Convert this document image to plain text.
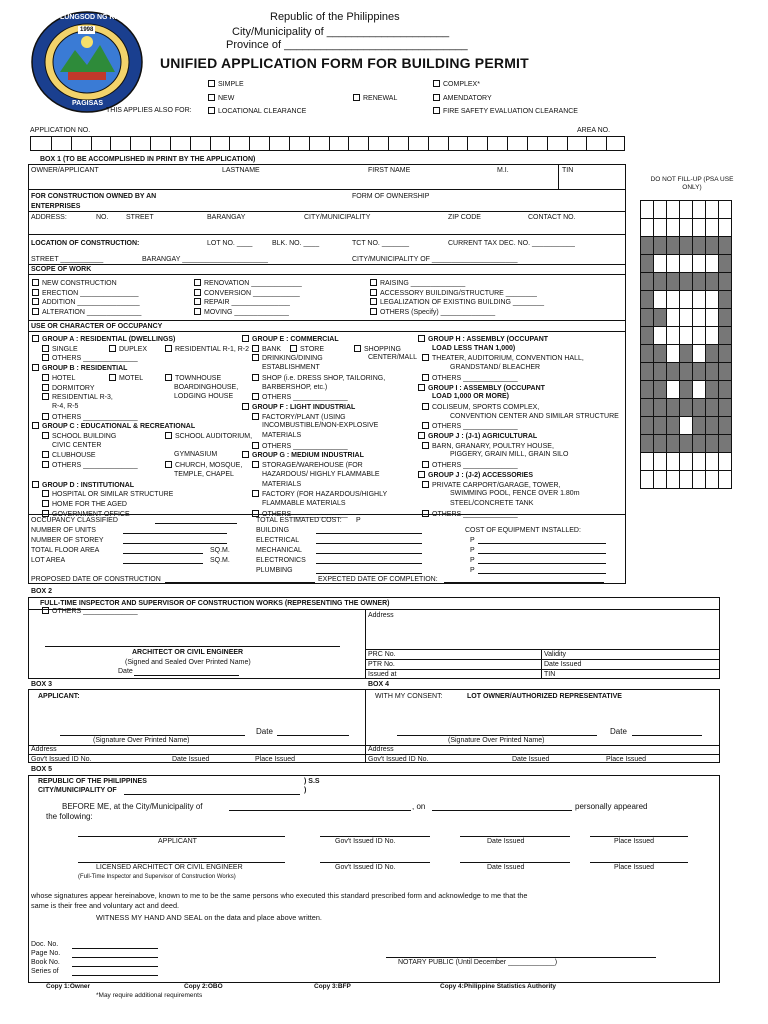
LUNGSOD NG KIDAPAWAN
1998
PAGISAS
Republic of the Philippines
City/Municipality of ____________________
Province of ______________________________
UNIFIED APPLICATION FORM FOR BUILDING PERMIT
SIMPLE	COMPLEX*
NEW	RENEWAL	AMENDATORY
THIS APPLIES ALSO FOR:	LOCATIONAL CLEARANCE	FIRE SAFETY EVALUATION CLEARANCE
APPLICATION NO.	AREA NO.
DO NOT FILL-UP (PSA USE ONLY)

BOX 1 (TO BE ACCOMPLISHED IN PRINT BY THE APPLICATION)
OWNER/APPLICANT	LASTNAME	FIRST NAME	M.I.	TIN
FOR CONSTRUCTION OWNED BY AN
ENTERPRISES
FORM OF OWNERSHIP
ADDRESS:	NO.	STREET	BARANGAY	CITY/MUNICIPALITY	ZIP CODE	CONTACT NO.
LOCATION OF CONSTRUCTION:	LOT NO. ____	BLK. NO. ____	TCT NO. _______	CURRENT TAX DEC. NO. ___________
STREET ___________	BARANGAY ______________________	CITY/MUNICIPALITY OF ______________________
SCOPE OF WORK
NEW CONSTRUCTION
ERECTION _______________
ADDITION ________________
ALTERATION ______________
RENOVATION _____________
CONVERSION ____________
REPAIR _______________
MOVING ______________
RAISING ______________
ACCESSORY BUILDING/STRUCTURE ________
LEGALIZATION OF EXISTING BUILDING ________
OTHERS (Specify) ______________
USE OR CHARACTER OF OCCUPANCY
GROUP A : RESIDENTIAL (DWELLINGS)
SINGLE	DUPLEX	RESIDENTIAL R-1, R-2
OTHERS ______________
GROUP B : RESIDENTIAL
HOTEL	MOTEL	TOWNHOUSE
DORMITORY	BOARDINGHOUSE,
RESIDENTIAL R-3,	LODGING HOUSE
R-4, R-5
OTHERS ______________
GROUP C : EDUCATIONAL & RECREATIONAL
SCHOOL BUILDING	SCHOOL AUDITORIUM,
CIVIC CENTER
GYMNASIUM
CLUBHOUSE
CHURCH, MOSQUE,
OTHERS ______________
TEMPLE, CHAPEL
GROUP D : INSTITUTIONAL
HOSPITAL OR SIMILAR STRUCTURE
HOME FOR THE AGED
GOVERNMENT OFFICE
OTHERS ______________
GROUP E : COMMERCIAL
BANK	STORE	SHOPPING
DRINKING/DINING	CENTER/MALL
ESTABLISHMENT
SHOP (i.e. DRESS SHOP, TAILORING,
BARBERSHOP, etc.)
OTHERS ______________
GROUP F : LIGHT INDUSTRIAL
FACTORY/PLANT (USING
INCOMBUSTIBLE/NON-EXPLOSIVE
MATERIALS
OTHERS ______________
GROUP G : MEDIUM INDUSTRIAL
STORAGE/WAREHOUSE (FOR
HAZARDOUS/ HIGHLY FLAMMABLE
MATERIALS
FACTORY (FOR HAZARDOUS/HIGHLY
FLAMMABLE MATERIALS
OTHERS ______________
GROUP H : ASSEMBLY (OCCUPANT
LOAD LESS THAN 1,000)
THEATER, AUDITORIUM, CONVENTION HALL,
GRANDSTAND/ BLEACHER
OTHERS ______________
GROUP I : ASSEMBLY (OCCUPANT
LOAD 1,000 OR MORE)
COLISEUM, SPORTS COMPLEX,
CONVENTION CENTER AND SIMILAR STRUCTURE
OTHERS ______________
GROUP J : (J-1) AGRICULTURAL
BARN, GRANARY, POULTRY HOUSE,
PIGGERY, GRAIN MILL, GRAIN SILO
OTHERS ______________
GROUP J : (J-2) ACCESSORIES
PRIVATE CARPORT/GARAGE, TOWER,
SWIMMING POOL, FENCE OVER 1.80m
STEEL/CONCRETE TANK
OTHERS ______________
OCCUPANCY CLASSIFIED
NUMBER OF UNITS
NUMBER OF STOREY
TOTAL FLOOR AREA	SQ.M.
LOT AREA	SQ.M.
TOTAL ESTIMATED COST: P
BUILDING
ELECTRICAL
MECHANICAL
ELECTRONICS
PLUMBING
COST OF EQUIPMENT INSTALLED:
P
P
P
P
PROPOSED DATE OF CONSTRUCTION	EXPECTED DATE OF COMPLETION:
BOX 2
FULL-TIME INSPECTOR AND SUPERVISOR OF CONSTRUCTION WORKS (REPRESENTING THE OWNER)
Address
ARCHITECT OR CIVIL ENGINEER
(Signed and Sealed Over Printed Name)
Date
PRC No.	Validity
PTR No.	Date Issued
Issued at	TIN
BOX 3	BOX 4
APPLICANT:
Date
(Signature Over Printed Name)
Address
Gov't Issued ID No.	Date Issued	Place Issued
WITH MY CONSENT:	LOT OWNER/AUTHORIZED REPRESENTATIVE
Date
(Signature Over Printed Name)
Address
Gov't Issued ID No.	Date Issued	Place Issued
BOX 5
REPUBLIC OF THE PHILIPPINES	) S.S
CITY/MUNICIPALITY OF	)
BEFORE ME, at the City/Municipality of	, on	personally appeared
the following:
APPLICANT	Gov't Issued ID No.	Date Issued	Place Issued
LICENSED ARCHITECT OR CIVIL ENGINEER	Gov't Issued ID No.	Date Issued	Place Issued
(Full-Time Inspector and Supervisor of Construction Works)
whose signatures appear hereinabove, known to me to be the same persons who executed this standard prescribed form and acknowledge to me that the
same is their free and voluntary act and deed.
WITNESS MY HAND AND SEAL on the data and place above written.
Doc. No.
Page No.
Book No.
Series of
NOTARY PUBLIC (Until December ____________)
Copy 1:Owner	Copy 2:OBO	Copy 3:BFP	Copy 4:Philippine Statistics Authority
*May require additional requirements
